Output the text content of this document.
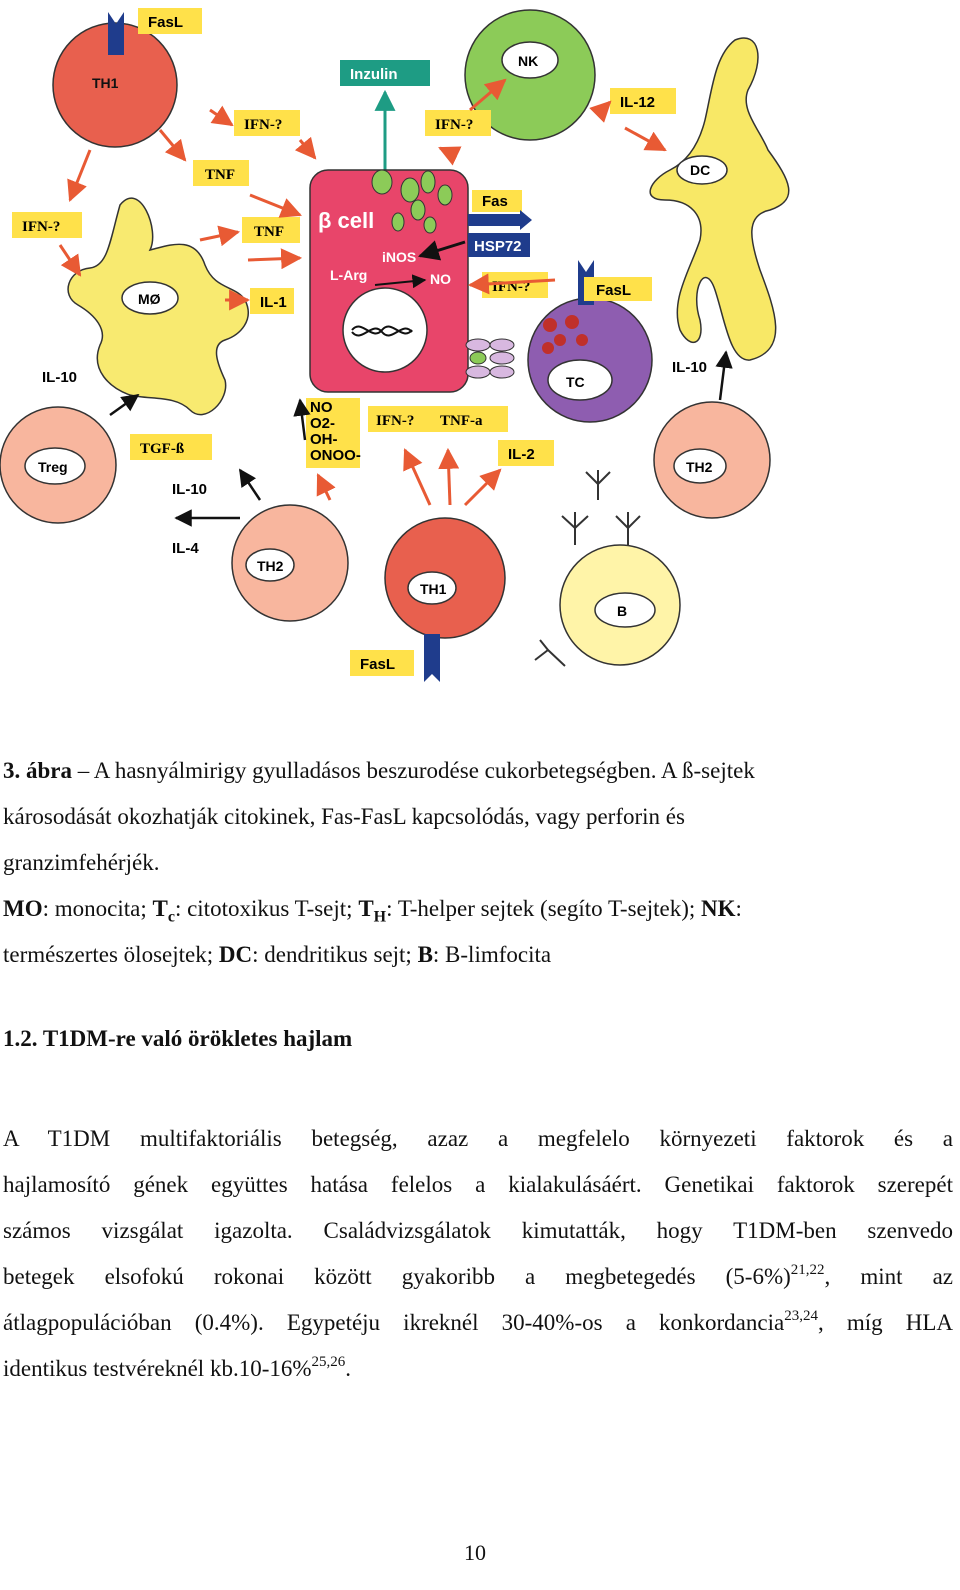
TH1
FasL
Inzulin
NK
IFN-?	IFN-?
IL-12
DC
TNF
TNF
IFN-?
MØ	IL-1
β cell
iNOS
L-Arg	NO
Fas
HSP72
IFN-?
TC
FasL
IL-10
IL-10
NO
O2-
OH-
ONOO-
IFN-? TNF-a
IL-2
Treg
TGF-ß
TH2
IL-10
IL-4
TH2
TH1
FasL
B
3. ábra – A hasnyálmirigy gyulladásos beszurodése cukorbetegségben. A ß-sejtek
károsodását okozhatják citokinek, Fas-FasL kapcsolódás, vagy perforin és
granzimfehérjék.
MO: monocita; $T_c$: citotoxikus T-sejt; $T_H$: T-helper sejtek (segíto T-sejtek); NK:
természertes ölosejtek; DC: dendritikus sejt; B: B-limfocita
1.2. T1DM-re való örökletes hajlam
A T1DM multifaktoriális betegség, azaz a megfelelo környezeti faktorok és a
hajlamosító gének együttes hatása felelos a kialakulásáért. Genetikai faktorok szerepét
számos vizsgálat igazolta. Családvizsgálatok kimutatták, hogy T1DM-ben szenvedo
betegek elsofokú rokonai között gyakoribb a megbetegedés $(5-6\%)^{21,22}$, mint az
átlagpopulációban (0.4%). Egypetéju ikreknél 30-40%-os a konkordancia$^{23,24}$, míg HLA
identikus testvéreknél kb.10-16%$^{25,26}$.
10
